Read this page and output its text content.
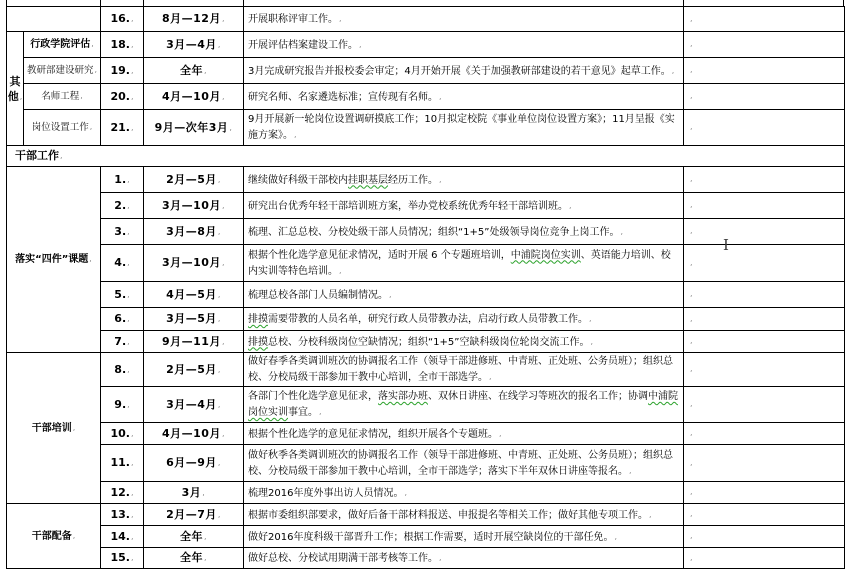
		16.,	8月—12月,	开展职称评审工作。,	,
其他,	行政学院评估,	18.,	3月—4月,	开展评估档案建设工作。,	,
	教研部建设研究,	19.,	全年,	3月完成研究报告并报校委会审定；4月开始开展《关于加强教研部建设的若干意见》起草工作。,	,
	名师工程,	20.,	4月—10月,	研究名师、名家遴选标准；宣传现有名师。,	,
	岗位设置工作,	21.,	9月—次年3月,	9月开展新一轮岗位设置调研摸底工作；10月拟定校院《事业单位岗位设置方案》；11月呈报《实施方案》。,	,
干部工作,					
落实“四件”课题,		1.,	2月—5月,	继续做好科级干部校内挂职基层经历工作。,	,
		2.,	3月—10月,	研究出台优秀年轻干部培训班方案，举办党校系统优秀年轻干部培训班。,	,
		3.,	3月—8月,	梳理、汇总总校、分校处级干部人员情况；组织“1+5”处级领导岗位竞争上岗工作。,	,
		4.,	3月—10月,	根据个性化选学意见征求情况，适时开展 6 个专题班培训，中浦院岗位实训、英语能力培训、校内实训等特色培训。,	,
		5.,	4月—5月,	梳理总校各部门人员编制情况。,	,
		6.,	3月—5月,	排摸需要带教的人员名单，研究行政人员带教办法，启动行政人员带教工作。,	,
		7.,	9月—11月,	排摸总校、分校科级岗位空缺情况；组织“1+5”空缺科级岗位轮岗交流工作。,	,
干部培训,		8.,	2月—5月,	做好春季各类调训班次的协调报名工作（领导干部进修班、中青班、正处班、公务员班）；组织总校、分校局级干部参加干教中心培训，全市干部选学。,	,
		9.,	3月—4月,	各部门个性化选学意见征求，落实部办班、双休日讲座、在线学习等班次的报名工作；协调中浦院岗位实训事宜。,	,
		10.,	4月—10月,	根据个性化选学的意见征求情况，组织开展各个专题班。,	,
		11.,	6月—9月,	做好秋季各类调训班次的协调报名工作（领导干部进修班、中青班、正处班、公务员班）；组织总校、分校局级干部参加干教中心培训，全市干部选学；落实下半年双休日讲座等报名。,	,
		12.,	3月,	梳理2016年度外事出访人员情况。,	,
干部配备,		13.,	2月—7月,	根据市委组织部要求，做好后备干部材料报送、申报提名等相关工作；做好其他专项工作。,	,
		14.,	全年,	做好2016年度科级干部晋升工作；根据工作需要，适时开展空缺岗位的干部任免。,	,
		15.,	全年,	做好总校、分校试用期满干部考核等工作。,	,
I
